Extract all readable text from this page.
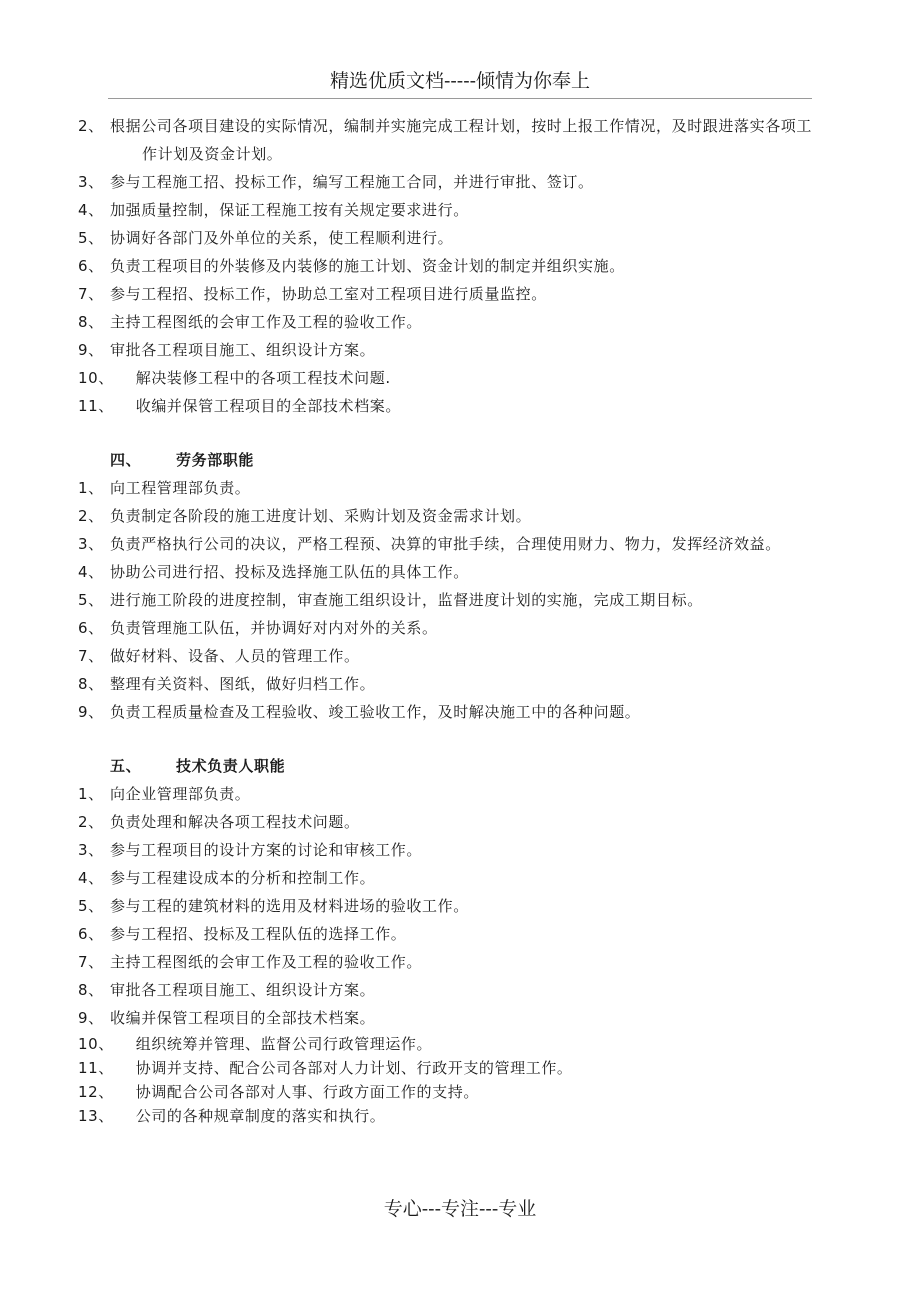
精选优质文档-----倾情为你奉上
2、根据公司各项目建设的实际情况，编制并实施完成工程计划，按时上报工作情况，及时跟进落实各项工作计划及资金计划。
3、参与工程施工招、投标工作，编写工程施工合同，并进行审批、签订。
4、加强质量控制，保证工程施工按有关规定要求进行。
5、 协调好各部门及外单位的关系，使工程顺利进行。
6、 负责工程项目的外装修及内装修的施工计划、资金计划的制定并组织实施。
7、 参与工程招、投标工作，协助总工室对工程项目进行质量监控。
8、 主持工程图纸的会审工作及工程的验收工作。
9、 审批各工程项目施工、组织设计方案。
10、 解决装修工程中的各项工程技术问题.
11、 收编并保管工程项目的全部技术档案。
四、 劳务部职能
1、向工程管理部负责。
2、负责制定各阶段的施工进度计划、采购计划及资金需求计划。
3、负责严格执行公司的决议，严格工程预、决算的审批手续，合理使用财力、物力，发挥经济效益。
4、协助公司进行招、投标及选择施工队伍的具体工作。
5、进行施工阶段的进度控制，审查施工组织设计，监督进度计划的实施，完成工期目标。
6、负责管理施工队伍，并协调好对内对外的关系。
7、做好材料、设备、人员的管理工作。
8、整理有关资料、图纸，做好归档工作。
9、负责工程质量检查及工程验收、竣工验收工作，及时解决施工中的各种问题。
五、 技术负责人职能
1、向企业管理部负责。
2、负责处理和解决各项工程技术问题。
3、参与工程项目的设计方案的讨论和审核工作。
4、参与工程建设成本的分析和控制工作。
5、参与工程的建筑材料的选用及材料进场的验收工作。
6、参与工程招、投标及工程队伍的选择工作。
7、主持工程图纸的会审工作及工程的验收工作。
8、审批各工程项目施工、组织设计方案。
9、收编并保管工程项目的全部技术档案。
10、 组织统筹并管理、监督公司行政管理运作。
11、 协调并支持、配合公司各部对人力计划、行政开支的管理工作。
12、 协调配合公司各部对人事、行政方面工作的支持。
13、 公司的各种规章制度的落实和执行。
专心---专注---专业
